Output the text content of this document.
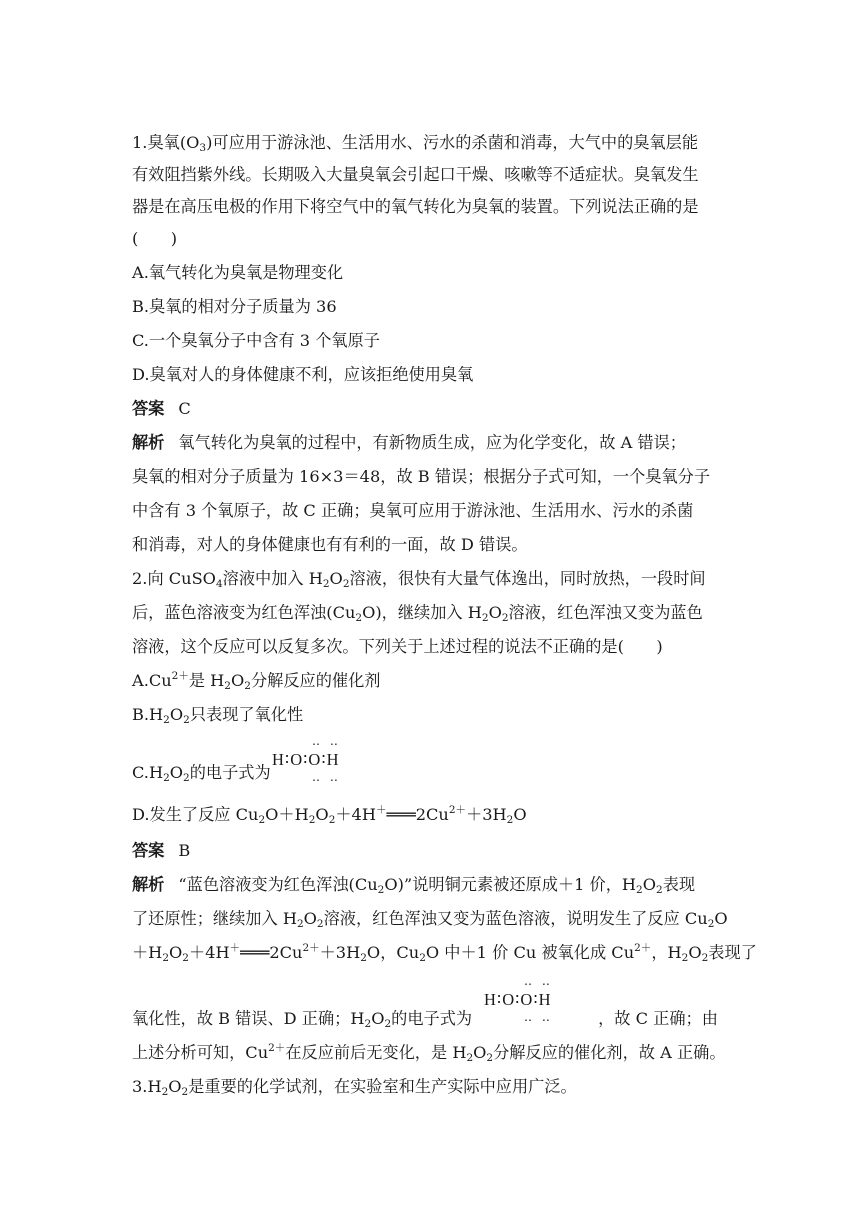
1.臭氧$(O_3)$可应用于游泳池、生活用水、污水的杀菌和消毒，大气中的臭氧层能
有效阻挡紫外线。长期吸入大量臭氧会引起口干燥、咳嗽等不适症状。臭氧发生
器是在高压电极的作用下将空气中的氧气转化为臭氧的装置。下列说法正确的是
(　　)
A.氧气转化为臭氧是物理变化
B.臭氧的相对分子质量为 36
C.一个臭氧分子中含有 3 个氧原子
D.臭氧对人的身体健康不利，应该拒绝使用臭氧
答案 C
解析 氧气转化为臭氧的过程中，有新物质生成，应为化学变化，故 A 错误；
臭氧的相对分子质量为 16×3＝48，故 B 错误；根据分子式可知，一个臭氧分子
中含有 3 个氧原子，故 C 正确；臭氧可应用于游泳池、生活用水、污水的杀菌
和消毒，对人的身体健康也有有利的一面，故 D 错误。
2.向 CuSO$_4$溶液中加入 $H_2O_2$溶液，很快有大量气体逸出，同时放热，一段时间
后，蓝色溶液变为红色浑浊$(Cu_2O)$，继续加入 $H_2O_2$溶液，红色浑浊又变为蓝色
溶液，这个反应可以反复多次。下列关于上述过程的说法不正确的是(　　)
$A.Cu^{2+}$是 $H_2O_2$分解反应的催化剂
$B.H_2O_2$只表现了氧化性
$C.H_2O_2$的电子式为
‥ ‥
H∶O∶O∶H
‥ ‥
D.发生了反应 $Cu_2O+H_2O_2+4H^+═══2Cu^{2+}+3H_2O$
答案 B
解析 “蓝色溶液变为红色浑浊$(Cu_2O)$”说明铜元素被还原成＋1 价，$H_2O_2$表现
了还原性；继续加入 $H_2O_2$溶液，红色浑浊又变为蓝色溶液，说明发生了反应 $Cu_2O$
$+H_2O_2+4H^+═══2Cu^{2+}+3H_2O$，$Cu_2O$ 中＋1 价 Cu 被氧化成 $Cu^{2+}$，$H_2O_2$表现了
‥ ‥
H∶O∶O∶H
‥ ‥
氧化性，故 B 错误、D 正确；$H_2O_2$的电子式为	，故 C 正确；由
上述分析可知，$Cu^{2+}$在反应前后无变化，是 $H_2O_2$分解反应的催化剂，故 A 正确。
$3.H_2O_2$是重要的化学试剂，在实验室和生产实际中应用广泛。
